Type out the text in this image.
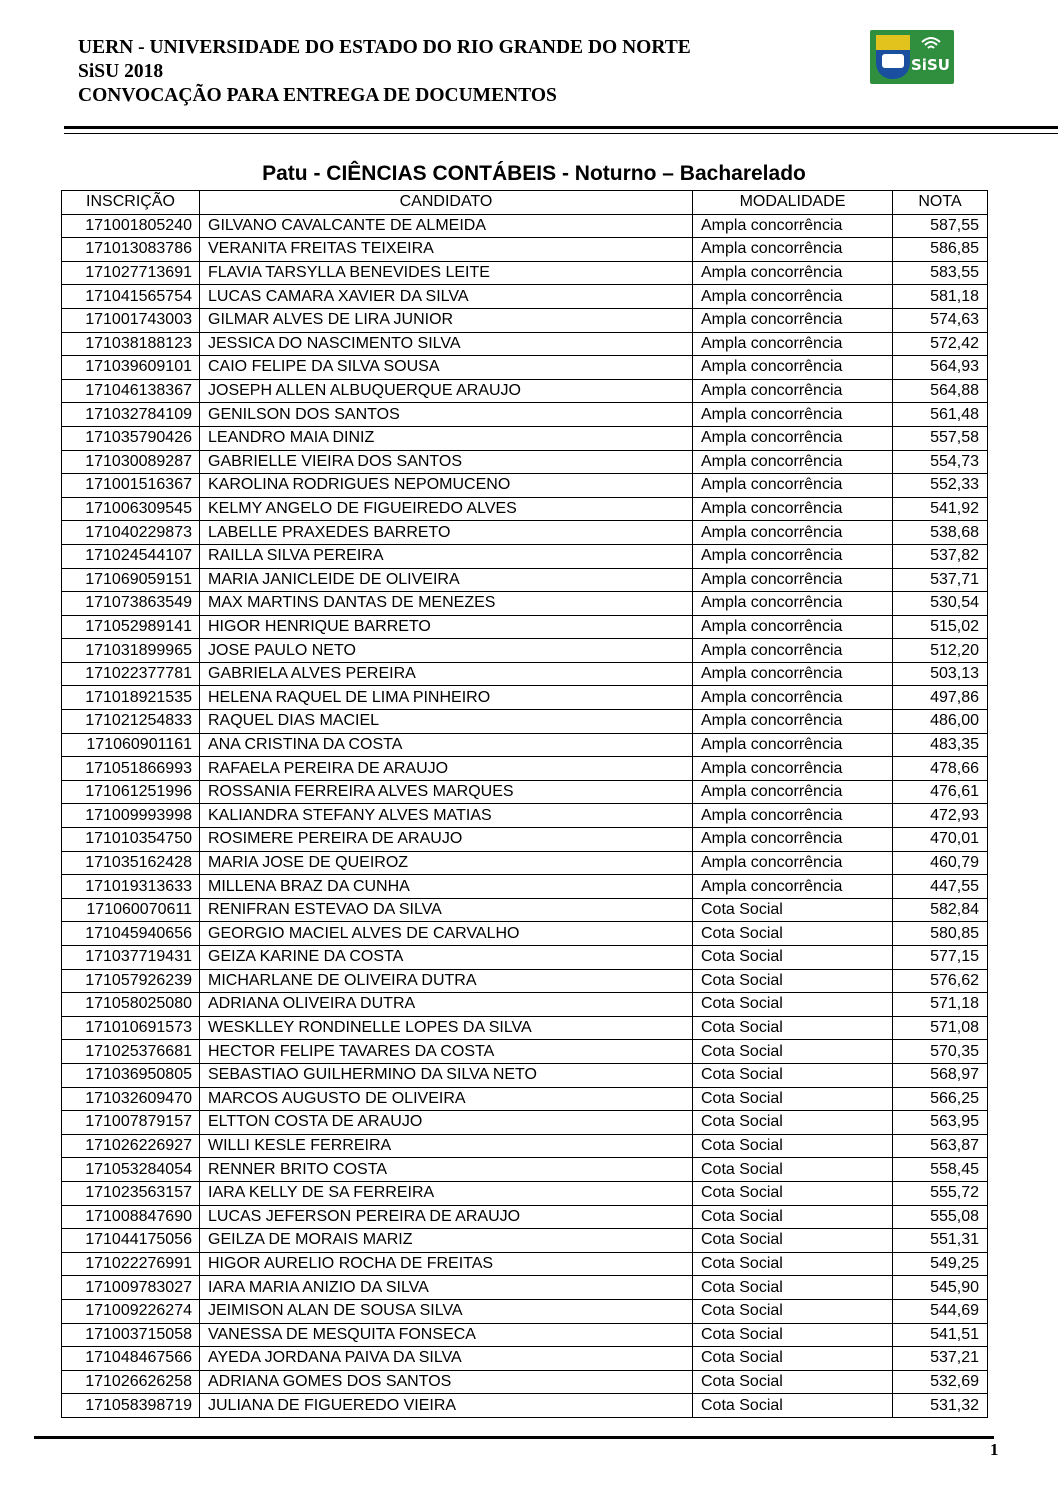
UERN - UNIVERSIDADE DO ESTADO DO RIO GRANDE DO NORTE
SiSU 2018
CONVOCAÇÃO PARA ENTREGA DE DOCUMENTOS
SiSU
Patu - CIÊNCIAS CONTÁBEIS - Noturno – Bacharelado
INSCRIÇÃO	CANDIDATO	MODALIDADE	NOTA
171001805240	GILVANO CAVALCANTE DE ALMEIDA	Ampla concorrência	587,55
171013083786	VERANITA FREITAS TEIXEIRA	Ampla concorrência	586,85
171027713691	FLAVIA TARSYLLA BENEVIDES LEITE	Ampla concorrência	583,55
171041565754	LUCAS CAMARA XAVIER DA SILVA	Ampla concorrência	581,18
171001743003	GILMAR ALVES DE LIRA JUNIOR	Ampla concorrência	574,63
171038188123	JESSICA DO NASCIMENTO SILVA	Ampla concorrência	572,42
171039609101	CAIO FELIPE DA SILVA SOUSA	Ampla concorrência	564,93
171046138367	JOSEPH ALLEN ALBUQUERQUE ARAUJO	Ampla concorrência	564,88
171032784109	GENILSON DOS SANTOS	Ampla concorrência	561,48
171035790426	LEANDRO MAIA DINIZ	Ampla concorrência	557,58
171030089287	GABRIELLE VIEIRA DOS SANTOS	Ampla concorrência	554,73
171001516367	KAROLINA RODRIGUES NEPOMUCENO	Ampla concorrência	552,33
171006309545	KELMY ANGELO DE FIGUEIREDO ALVES	Ampla concorrência	541,92
171040229873	LABELLE PRAXEDES BARRETO	Ampla concorrência	538,68
171024544107	RAILLA SILVA PEREIRA	Ampla concorrência	537,82
171069059151	MARIA JANICLEIDE DE OLIVEIRA	Ampla concorrência	537,71
171073863549	MAX MARTINS DANTAS DE MENEZES	Ampla concorrência	530,54
171052989141	HIGOR HENRIQUE BARRETO	Ampla concorrência	515,02
171031899965	JOSE PAULO NETO	Ampla concorrência	512,20
171022377781	GABRIELA ALVES PEREIRA	Ampla concorrência	503,13
171018921535	HELENA RAQUEL DE LIMA PINHEIRO	Ampla concorrência	497,86
171021254833	RAQUEL DIAS MACIEL	Ampla concorrência	486,00
171060901161	ANA CRISTINA DA COSTA	Ampla concorrência	483,35
171051866993	RAFAELA PEREIRA DE ARAUJO	Ampla concorrência	478,66
171061251996	ROSSANIA FERREIRA ALVES MARQUES	Ampla concorrência	476,61
171009993998	KALIANDRA STEFANY ALVES MATIAS	Ampla concorrência	472,93
171010354750	ROSIMERE PEREIRA DE ARAUJO	Ampla concorrência	470,01
171035162428	MARIA JOSE DE QUEIROZ	Ampla concorrência	460,79
171019313633	MILLENA BRAZ DA CUNHA	Ampla concorrência	447,55
171060070611	RENIFRAN ESTEVAO DA SILVA	Cota Social	582,84
171045940656	GEORGIO MACIEL ALVES DE CARVALHO	Cota Social	580,85
171037719431	GEIZA KARINE DA COSTA	Cota Social	577,15
171057926239	MICHARLANE DE OLIVEIRA DUTRA	Cota Social	576,62
171058025080	ADRIANA OLIVEIRA DUTRA	Cota Social	571,18
171010691573	WESKLLEY RONDINELLE LOPES DA SILVA	Cota Social	571,08
171025376681	HECTOR FELIPE TAVARES DA COSTA	Cota Social	570,35
171036950805	SEBASTIAO GUILHERMINO DA SILVA NETO	Cota Social	568,97
171032609470	MARCOS AUGUSTO DE OLIVEIRA	Cota Social	566,25
171007879157	ELTTON COSTA DE ARAUJO	Cota Social	563,95
171026226927	WILLI KESLE FERREIRA	Cota Social	563,87
171053284054	RENNER BRITO COSTA	Cota Social	558,45
171023563157	IARA KELLY DE SA FERREIRA	Cota Social	555,72
171008847690	LUCAS JEFERSON PEREIRA DE ARAUJO	Cota Social	555,08
171044175056	GEILZA DE MORAIS MARIZ	Cota Social	551,31
171022276991	HIGOR AURELIO ROCHA DE FREITAS	Cota Social	549,25
171009783027	IARA MARIA ANIZIO DA SILVA	Cota Social	545,90
171009226274	JEIMISON ALAN DE SOUSA SILVA	Cota Social	544,69
171003715058	VANESSA DE MESQUITA FONSECA	Cota Social	541,51
171048467566	AYEDA JORDANA PAIVA DA SILVA	Cota Social	537,21
171026626258	ADRIANA GOMES DOS SANTOS	Cota Social	532,69
171058398719	JULIANA DE FIGUEREDO VIEIRA	Cota Social	531,32
1
